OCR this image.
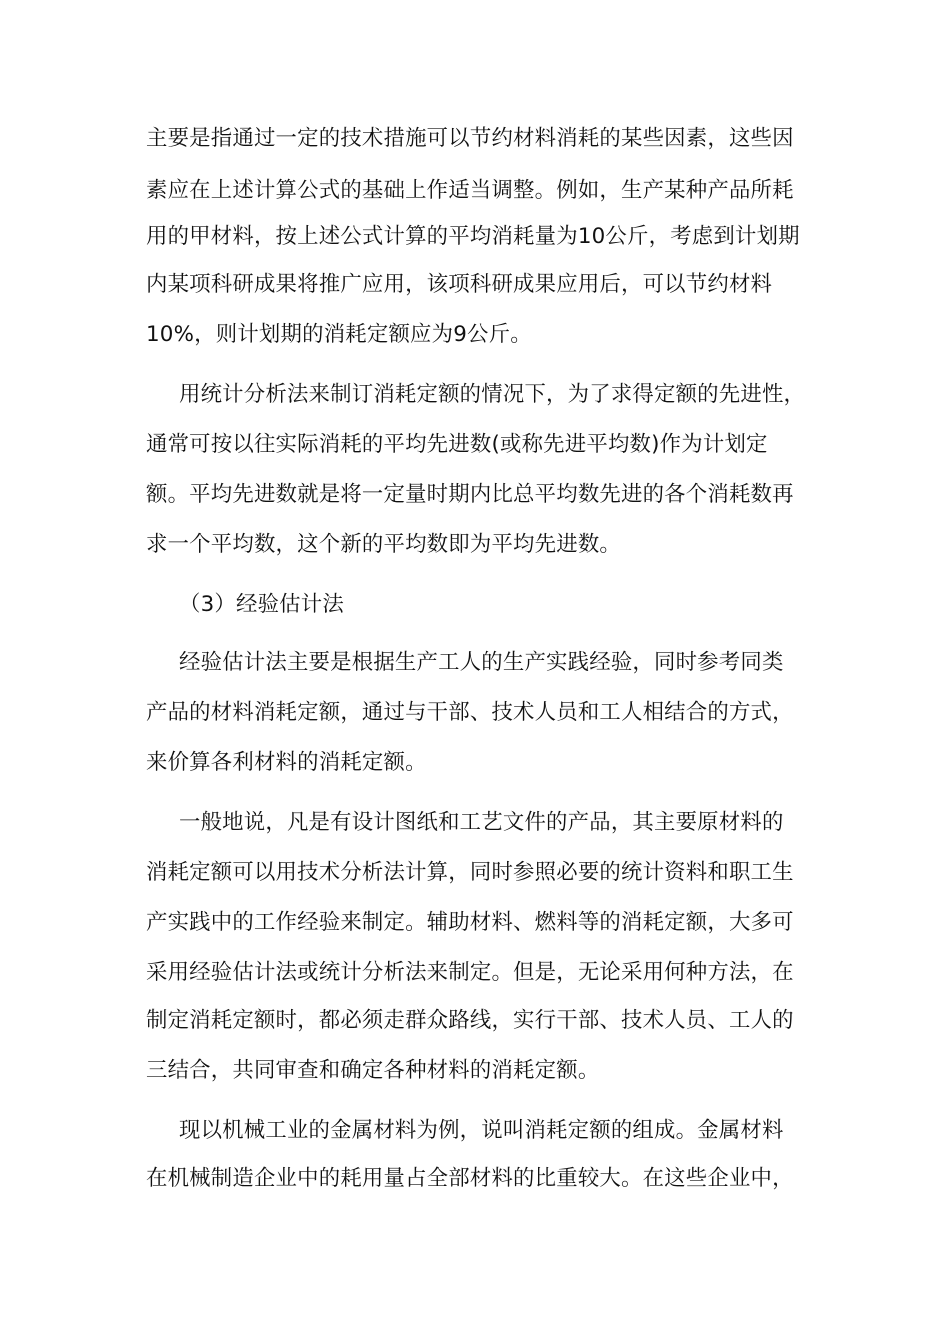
主要是指通过一定的技术措施可以节约材料消耗的某些因素，这些因
素应在上述计算公式的基础上作适当调整。例如，生产某种产品所耗
用的甲材料，按上述公式计算的平均消耗量为10公斤，考虑到计划期
内某项科研成果将推广应用，该项科研成果应用后，可以节约材料
10%，则计划期的消耗定额应为9公斤。
用统计分析法来制订消耗定额的情况下，为了求得定额的先进性，
通常可按以往实际消耗的平均先进数(或称先进平均数)作为计划定
额。平均先进数就是将一定量时期内比总平均数先进的各个消耗数再
求一个平均数，这个新的平均数即为平均先进数。
（3）经验估计法
经验估计法主要是根据生产工人的生产实践经验，同时参考同类
产品的材料消耗定额，通过与干部、技术人员和工人相结合的方式，
来价算各利材料的消耗定额。
一般地说，凡是有设计图纸和工艺文件的产品，其主要原材料的
消耗定额可以用技术分析法计算，同时参照必要的统计资料和职工生
产实践中的工作经验来制定。辅助材料、燃料等的消耗定额，大多可
采用经验估计法或统计分析法来制定。但是，无论采用何种方法，在
制定消耗定额时，都必须走群众路线，实行干部、技术人员、工人的
三结合，共同审查和确定各种材料的消耗定额。
现以机械工业的金属材料为例，说叫消耗定额的组成。金属材料
在机械制造企业中的耗用量占全部材料的比重较大。在这些企业中，
